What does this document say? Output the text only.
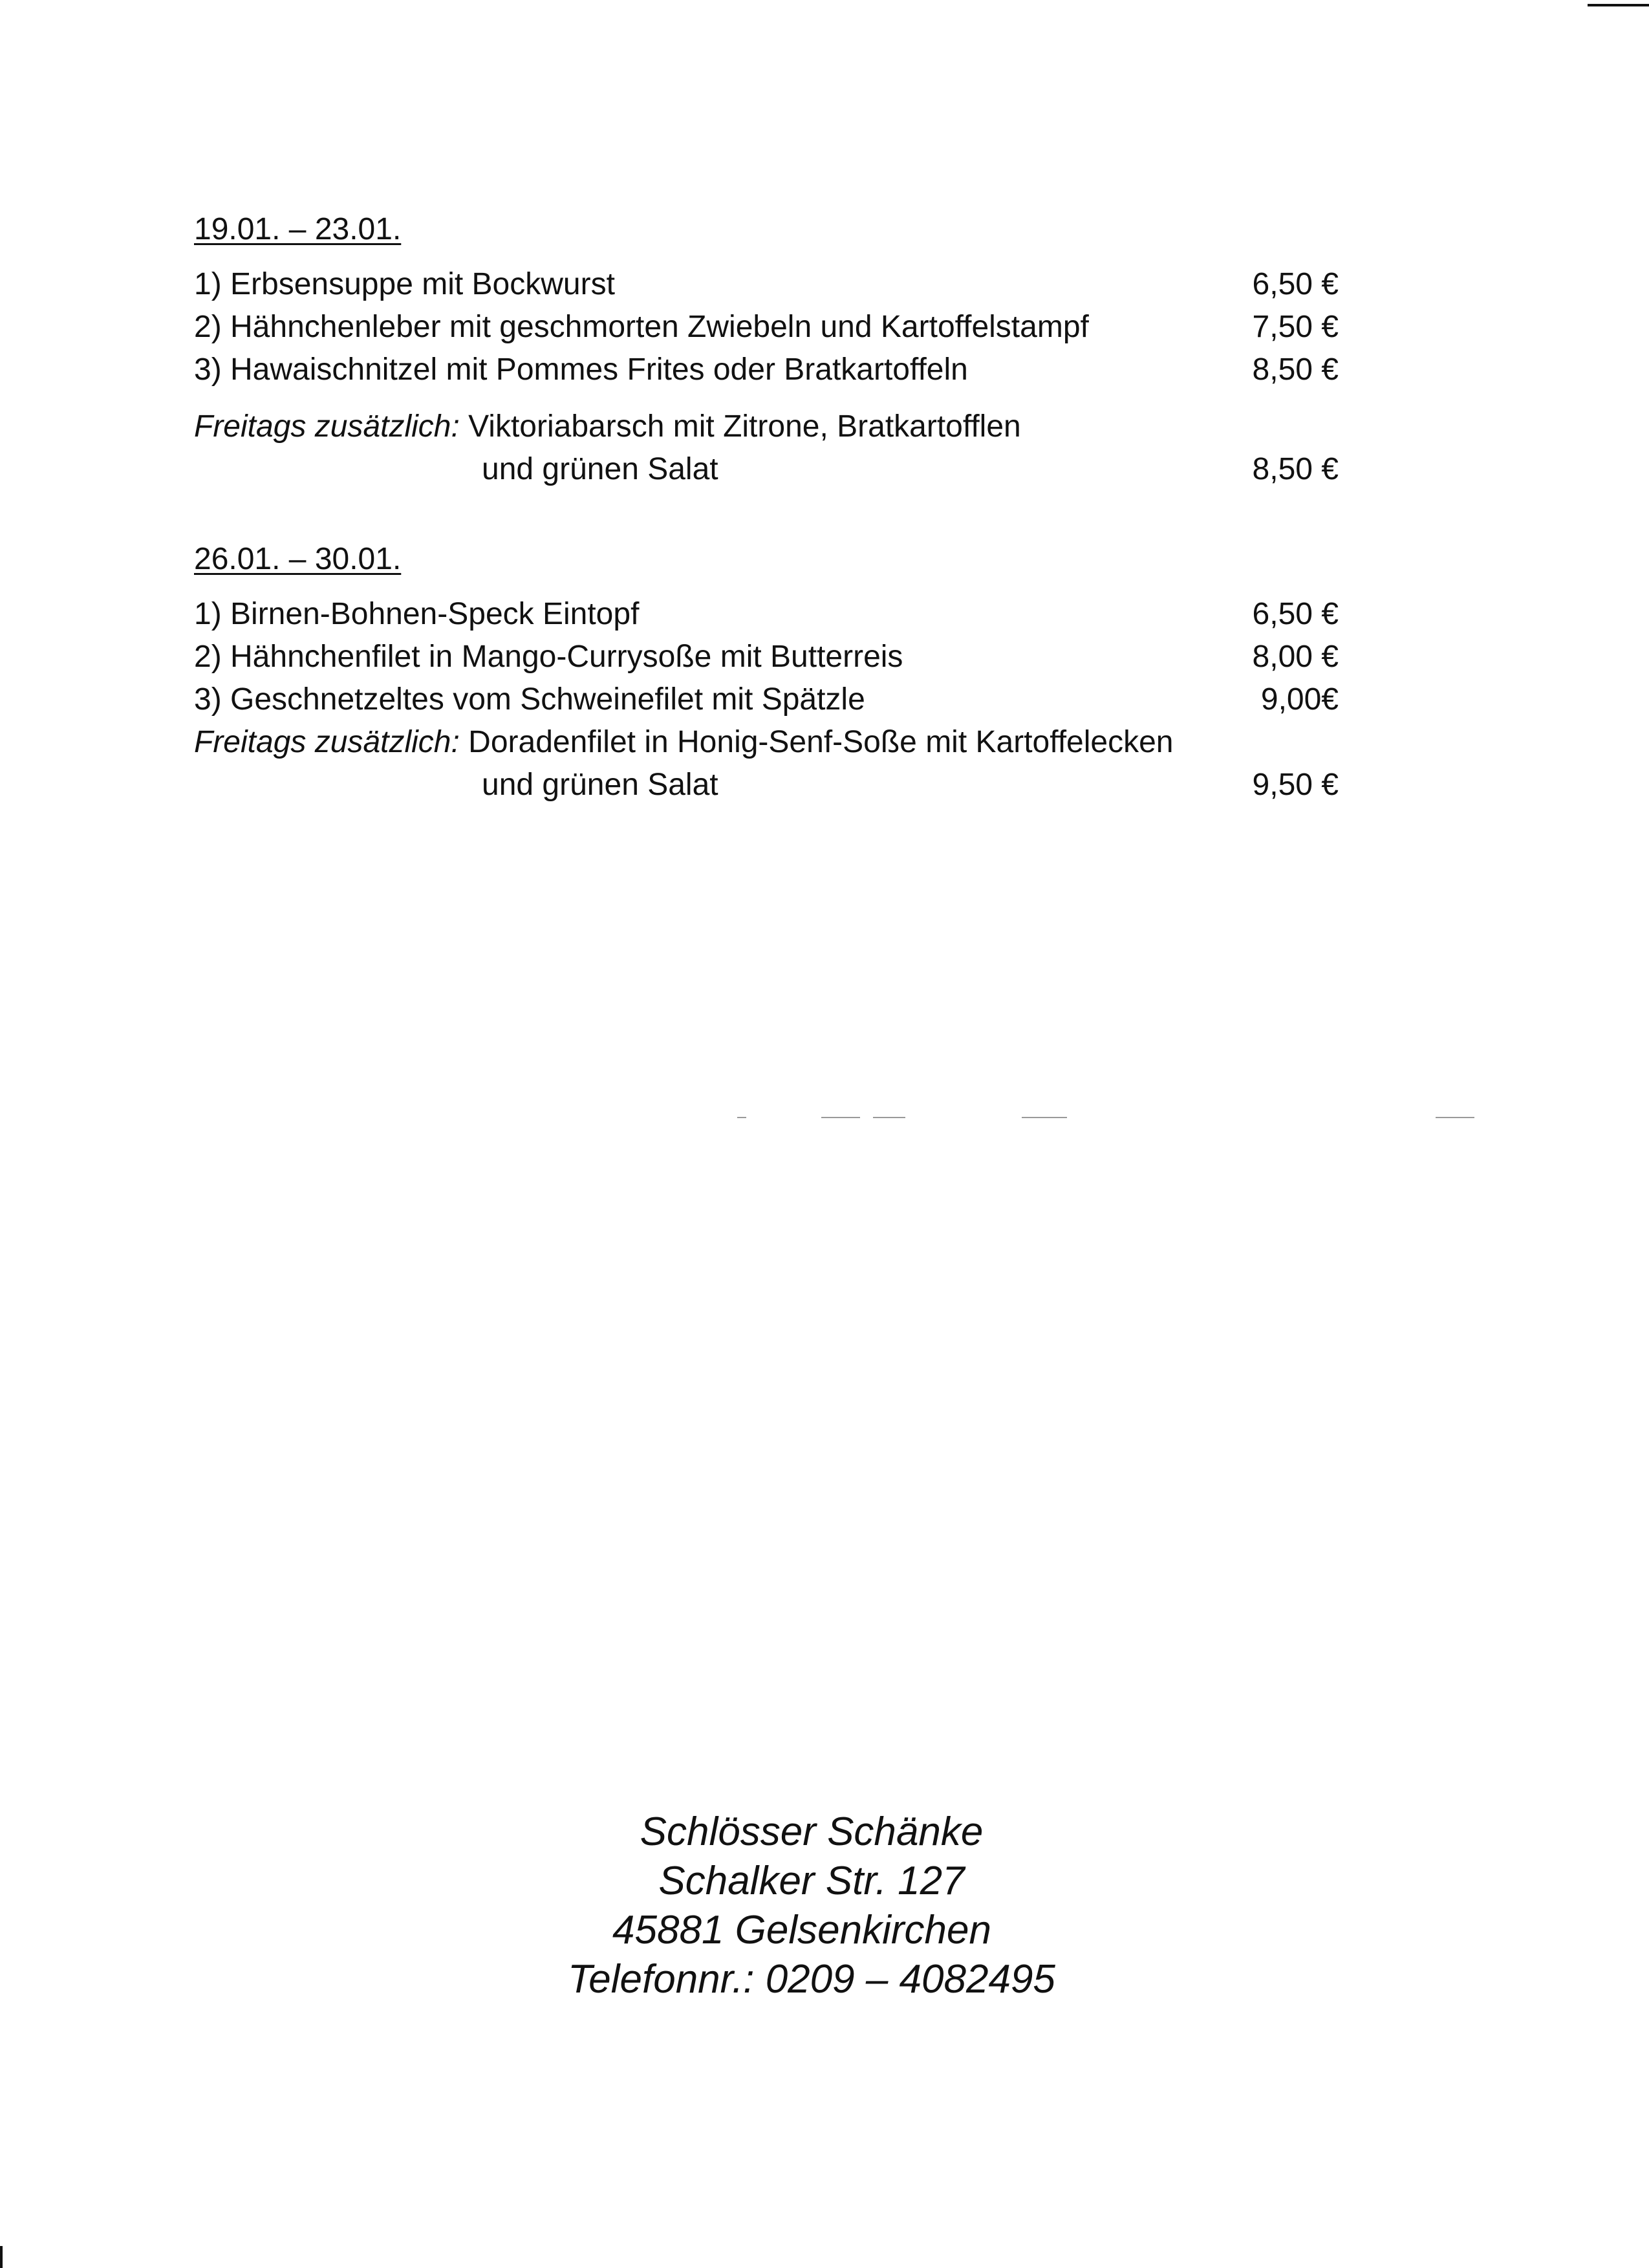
19.01. – 23.01.
1) Erbsensuppe mit Bockwurst	6,50 €
2) Hähnchenleber mit geschmorten Zwiebeln und Kartoffelstampf	7,50 €
3) Hawaischnitzel mit Pommes Frites oder Bratkartoffeln	8,50 €
Freitags zusätzlich: Viktoriabarsch mit Zitrone, Bratkartofflen
und grünen Salat	8,50 €
26.01. – 30.01.
1) Birnen-Bohnen-Speck Eintopf	6,50 €
2) Hähnchenfilet in Mango-Currysoße mit Butterreis	8,00 €
3) Geschnetzeltes vom Schweinefilet mit Spätzle	9,00€
Freitags zusätzlich: Doradenfilet in Honig-Senf-Soße mit Kartoffelecken
und grünen Salat	9,50 €
Schlösser Schänke
Schalker Str. 127
45881 Gelsenkirchen
Telefonnr.: 0209 – 4082495
